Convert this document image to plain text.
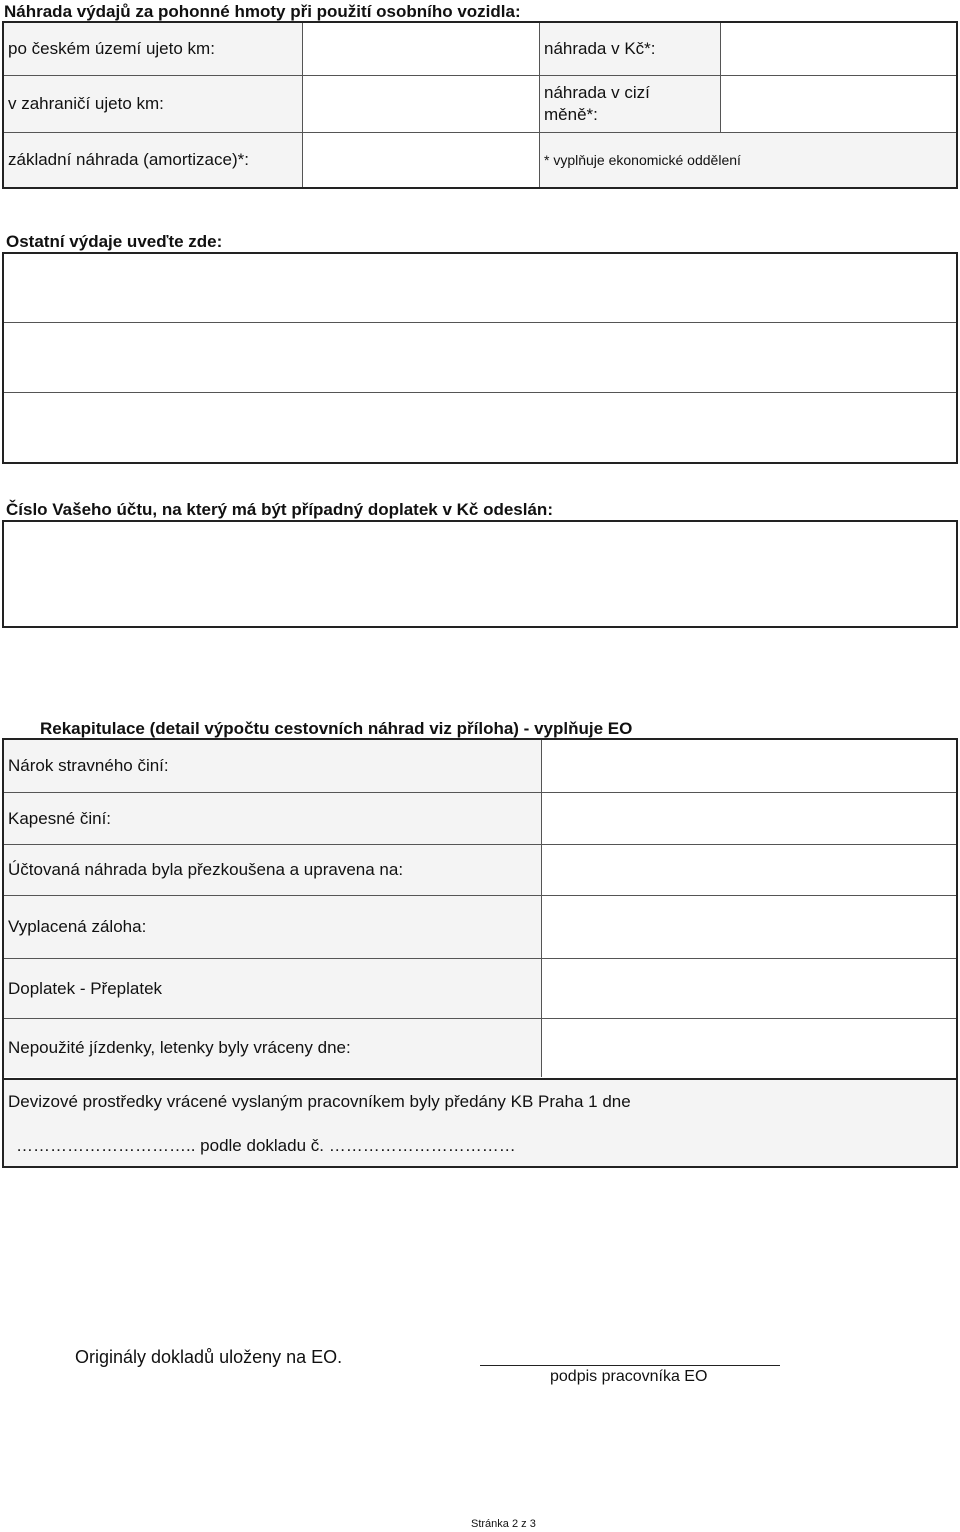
Náhrada výdajů za pohonné hmoty při použití osobního vozidla:
po českém území ujeto km:
v zahraničí ujeto km:
základní náhrada (amortizace)*:
náhrada v Kč*:
náhrada v cizí
měně*:
* vyplňuje ekonomické oddělení
Ostatní výdaje uveďte zde:
Číslo Vašeho účtu, na který má být případný doplatek v Kč odeslán:
Rekapitulace (detail výpočtu cestovních náhrad viz příloha) - vyplňuje EO
Nárok stravného činí:
Kapesné činí:
Účtovaná náhrada byla přezkoušena a upravena na:
Vyplacená záloha:
Doplatek - Přeplatek
Nepoužité jízdenky, letenky byly vráceny dne:
Devizové prostředky vrácené vyslaným pracovníkem byly předány KB Praha 1 dne
………………………….. podle dokladu č. ……………………………
Originály dokladů uloženy na EO.
podpis pracovníka EO
Stránka 2 z 3
